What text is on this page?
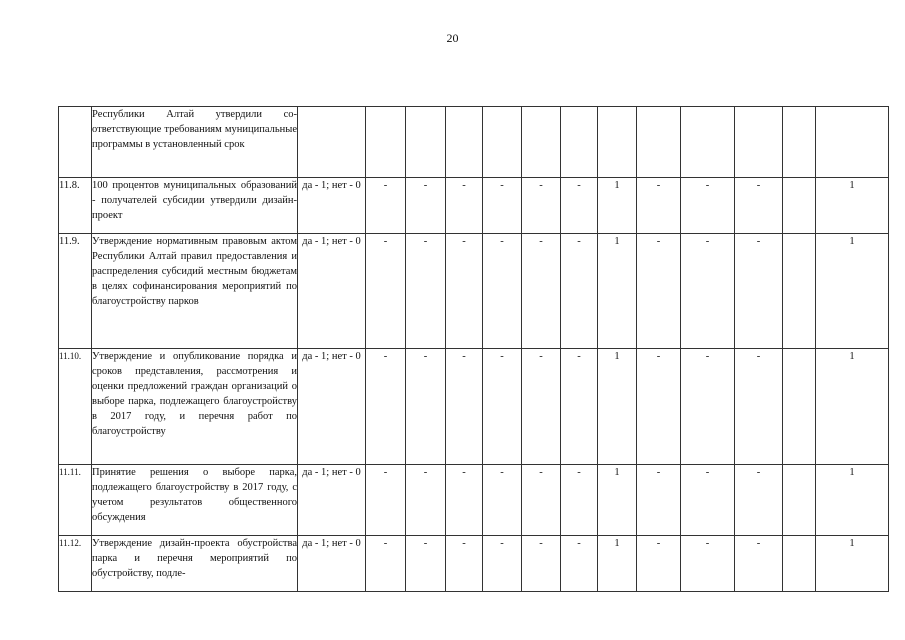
20
	Республики Алтай утвердили соответствующие требованиям муниципальные программы в установленный срок													
11.8.	100 процентов муниципальных образований - получателей субсидии утвердили дизайн-проект	да - 1; нет - 0	-	-	-	-	-	-	1	-	-	-		1
11.9.	Утверждение нормативным правовым актом Республики Алтай правил предоставления и распределения субсидий местным бюджетам в целях софинансирования мероприятий по благоустройству парков	да - 1; нет - 0	-	-	-	-	-	-	1	-	-	-		1
11.10.	Утверждение и опубликование порядка и сроков представления, рассмотрения и оценки предложений граждан организаций о выборе парка, подлежащего благоустройству в 2017 году, и перечня работ по благоустройству	да - 1; нет - 0	-	-	-	-	-	-	1	-	-	-		1
11.11.	Принятие решения о выборе парка, подлежащего благоустройству в 2017 году, с учетом результатов общественного обсуждения	да - 1; нет - 0	-	-	-	-	-	-	1	-	-	-		1
11.12.	Утверждение дизайн-проекта обустройства парка и перечня мероприятий по обустройству, подле-	да - 1; нет - 0	-	-	-	-	-	-	1	-	-	-		1
